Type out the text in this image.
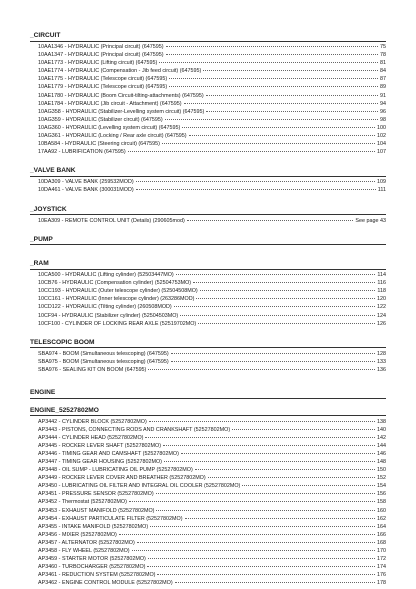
_CIRCUIT
10AA1346 - HYDRAULIC (Principal circuit) (647595)	75
10AA1347 - HYDRAULIC (Principal circuit) (647595)	78
10AE1773 - HYDRAULIC (Lifting circuit) (647595)	81
10AE1774 - HYDRAULIC (Compensation - Jib feed circuit) (647595)	84
10AE1775 - HYDRAULIC (Telescope circuit) (647595)	87
10AE1779 - HYDRAULIC (Telescope circuit) (647595)	89
10AE1780 - HYDRAULIC (Boom Circuit-tilting-attachments) (647595)	91
10AE1784 - HYDRAULIC (Jib circuit - Attachment) (647595)	94
10AG358 - HYDRAULIC (Stabilizer-Levelling system circuit) (647595)	96
10AG359 - HYDRAULIC (Stabilizer circuit) (647595)	98
10AG360 - HYDRAULIC (Levelling system circuit) (647595)	100
10AG361 - HYDRAULIC (Locking / Rear axle circuit) (647595)	102
10BA584 - HYDRAULIC (Steering circuit) (647595)	104
17AA92 - LUBRIFICATION (647595)	107
_VALVE BANK
10DA309 - VALVE BANK (259532MOD)	109
10DA461 - VALVE BANK (300031MOD)	111
_JOYSTICK
10EA309 - REMOTE CONTROL UNIT (Details) (290605mod)	See page 43
_PUMP
_RAM
10CA500 - HYDRAULIC (Lifting cylinder) (52503447MO)	114
10CB76 - HYDRAULIC (Compensation cylinder) (52504753MO)	116
10CC193 - HYDRAULIC (Outer telescope cylinder) (52504508MO)	118
10CC161 - HYDRAULIC (Inner telescope cylinder) (263286MOD)	120
10CD122 - HYDRAULIC (Tilting cylinder) (260508MOD)	122
10CF94 - HYDRAULIC (Stabilizer cylinder) (52504503MO)	124
10CF100 - CYLINDER OF LOCKING REAR AXLE (52519702MO)	126
TELESCOPIC BOOM
SBA974 - BOOM (Simultaneous telescoping) (647595)	128
SBA975 - BOOM (Simultaneous telescoping) (647595)	133
SBA976 - SEALING KIT ON BOOM (647595)	136
ENGINE
ENGINE_52527802MO
AP3442 - CYLINDER BLOCK (52527802MO)	138
AP3443 - PISTONS, CONNECTING RODS AND CRANKSHAFT (52527802MO)	140
AP3444 - CYLINDER HEAD (52527802MO)	142
AP3445 - ROCKER LEVER SHAFT (52527802MO)	144
AP3446 - TIMING GEAR AND CAMSHAFT (52527802MO)	146
AP3447 - TIMING GEAR HOUSING (52527802MO)	148
AP3448 - OIL SUMP - LUBRICATING OIL PUMP (52527802MO)	150
AP3449 - ROCKER LEVER COVER AND BREATHER (52527802MO)	152
AP3450 - LUBRICATING OIL FILTER AND INTEGRAL OIL COOLER (52527802MO)	154
AP3451 - PRESSURE SENSOR (52527802MO)	156
AP3452 - Thermostat (52527802MO)	158
AP3453 - EXHAUST MANIFOLD (52527802MO)	160
AP3454 - EXHAUST PARTICULATE FILTER (52527802MO)	162
AP3455 - INTAKE MANIFOLD (52527802MO)	164
AP3456 - MIXER (52527802MO)	166
AP3457 - ALTERNATOR (52527802MO)	168
AP3458 - FLY WHEEL (52527802MO)	170
AP3459 - STARTER MOTOR (52527802MO)	172
AP3460 - TURBOCHARGER (52527802MO)	174
AP3461 - REDUCTION SYSTEM (52527802MO)	176
AP3462 - ENGINE CONTROL MODULE (52527802MO)	178
